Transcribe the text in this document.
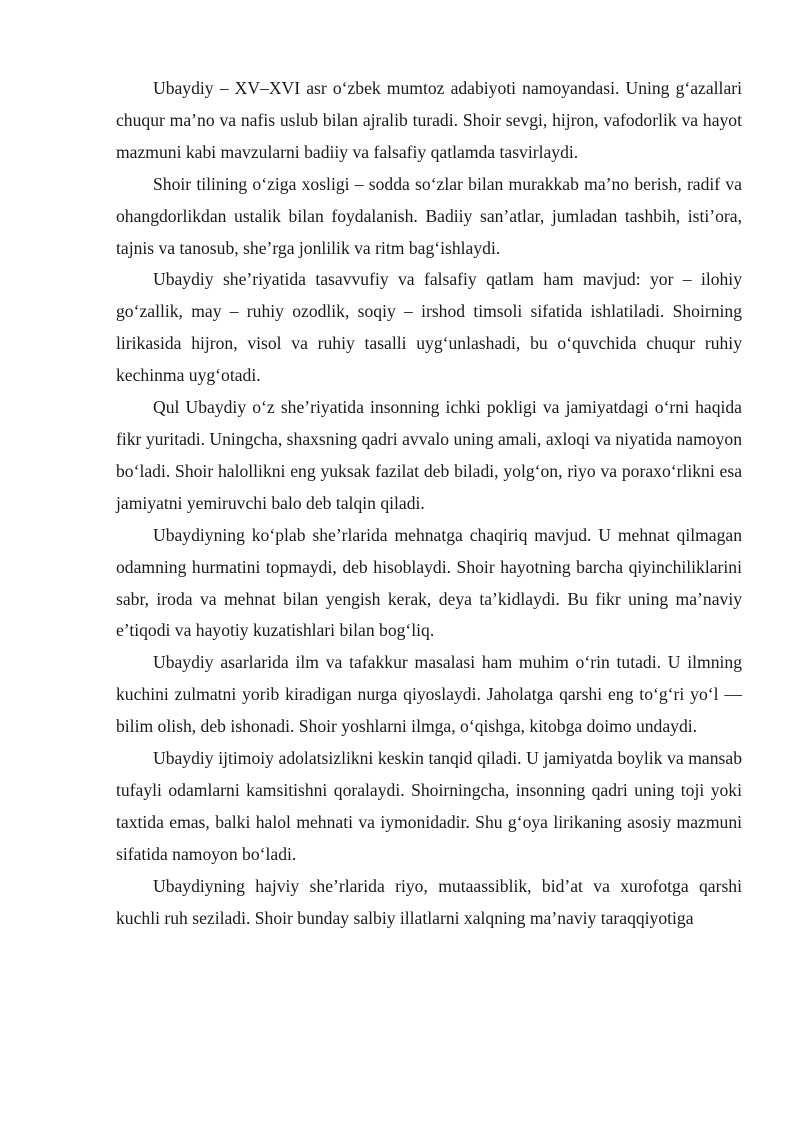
Ubaydiy – XV–XVI asr o‘zbek mumtoz adabiyoti namoyandasi. Uning g‘azallari chuqur ma’no va nafis uslub bilan ajralib turadi. Shoir sevgi, hijron, vafodorlik va hayot mazmuni kabi mavzularni badiiy va falsafiy qatlamda tasvirlaydi.

Shoir tilining o‘ziga xosligi – sodda so‘zlar bilan murakkab ma’no berish, radif va ohangdorlikdan ustalik bilan foydalanish. Badiiy san’atlar, jumladan tashbih, isti’ora, tajnis va tanosub, she’rga jonlilik va ritm bag‘ishlaydi.

Ubaydiy she’riyatida tasavvufiy va falsafiy qatlam ham mavjud: yor – ilohiy go‘zallik, may – ruhiy ozodlik, soqiy – irshod timsoli sifatida ishlatiladi. Shoirning lirikasida hijron, visol va ruhiy tasalli uyg‘unlashadi, bu o‘quvchida chuqur ruhiy kechinma uyg‘otadi.

Qul Ubaydiy o‘z she’riyatida insonning ichki pokligi va jamiyatdagi o‘rni haqida fikr yuritadi. Uningcha, shaxsning qadri avvalo uning amali, axloqi va niyatida namoyon bo‘ladi. Shoir halollikni eng yuksak fazilat deb biladi, yolg‘on, riyo va poraxo‘rlikni esa jamiyatni yemiruvchi balo deb talqin qiladi.

Ubaydiyning ko‘plab she’rlarida mehnatga chaqiriq mavjud. U mehnat qilmagan odamning hurmatini topmaydi, deb hisoblaydi. Shoir hayotning barcha qiyinchiliklarini sabr, iroda va mehnat bilan yengish kerak, deya ta’kidlaydi. Bu fikr uning ma’naviy e’tiqodi va hayotiy kuzatishlari bilan bog‘liq.

Ubaydiy asarlarida ilm va tafakkur masalasi ham muhim o‘rin tutadi. U ilmning kuchini zulmatni yorib kiradigan nurga qiyoslaydi. Jaholatga qarshi eng to‘g‘ri yo‘l — bilim olish, deb ishonadi. Shoir yoshlarni ilmga, o‘qishga, kitobga doimo undaydi.

Ubaydiy ijtimoiy adolatsizlikni keskin tanqid qiladi. U jamiyatda boylik va mansab tufayli odamlarni kamsitishni qoralaydi. Shoirningcha, insonning qadri uning toji yoki taxtida emas, balki halol mehnati va iymonidadir. Shu g‘oya lirikaning asosiy mazmuni sifatida namoyon bo‘ladi.

Ubaydiyning hajviy she’rlarida riyo, mutaassiblik, bid’at va xurofotga qarshi kuchli ruh seziladi. Shoir bunday salbiy illatlarni xalqning ma’naviy taraqqiyotiga
